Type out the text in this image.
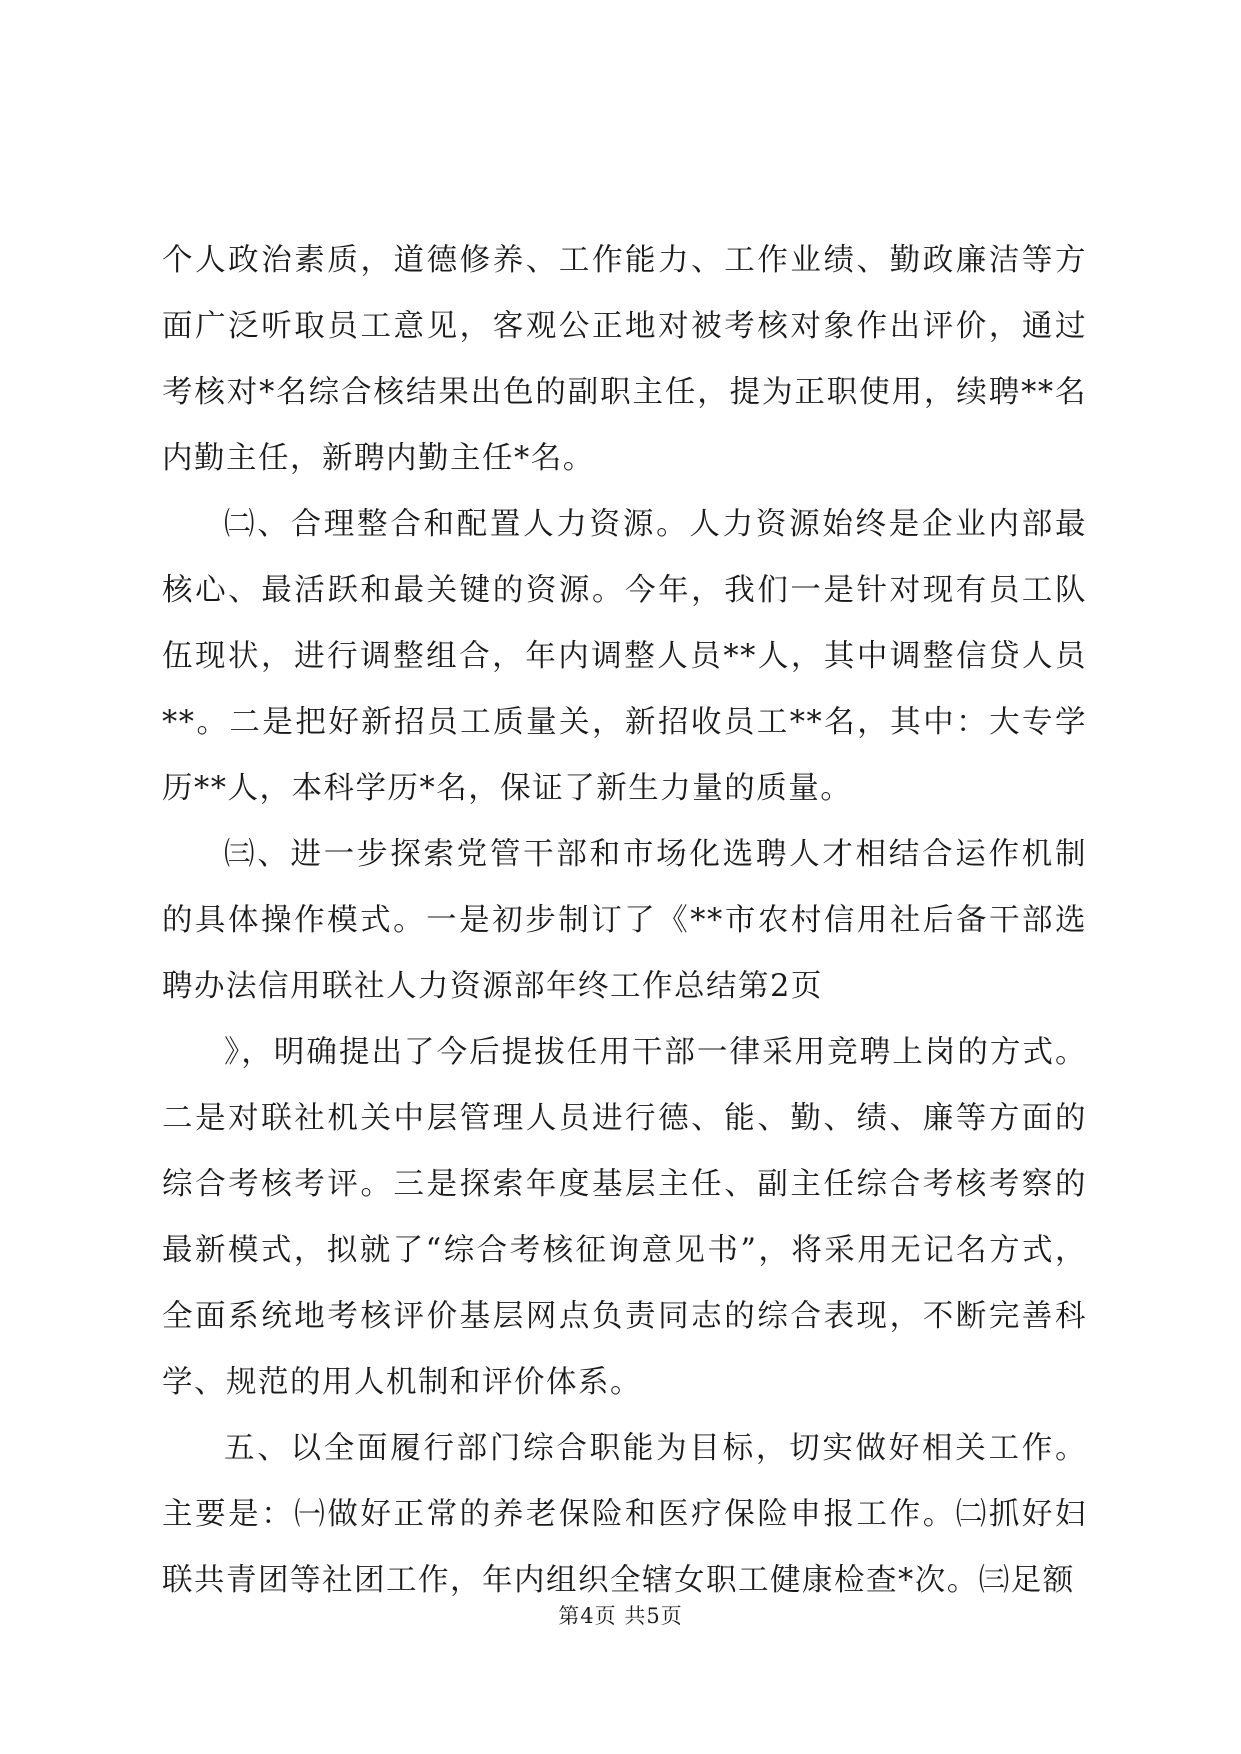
个人政治素质，道德修养、工作能力、工作业绩、勤政廉洁等方面广泛听取员工意见，客观公正地对被考核对象作出评价，通过考核对*名综合核结果出色的副职主任，提为正职使用，续聘**名内勤主任，新聘内勤主任*名。

㈡、合理整合和配置人力资源。人力资源始终是企业内部最核心、最活跃和最关键的资源。今年，我们一是针对现有员工队伍现状，进行调整组合，年内调整人员**人，其中调整信贷人员**。二是把好新招员工质量关，新招收员工**名，其中：大专学历**人，本科学历*名，保证了新生力量的质量。

㈢、进一步探索党管干部和市场化选聘人才相结合运作机制的具体操作模式。一是初步制订了《**市农村信用社后备干部选聘办法信用联社人力资源部年终工作总结第2页

》，明确提出了今后提拔任用干部一律采用竞聘上岗的方式。二是对联社机关中层管理人员进行德、能、勤、绩、廉等方面的综合考核考评。三是探索年度基层主任、副主任综合考核考察的最新模式，拟就了“综合考核征询意见书”，将采用无记名方式，全面系统地考核评价基层网点负责同志的综合表现，不断完善科学、规范的用人机制和评价体系。

五、以全面履行部门综合职能为目标，切实做好相关工作。主要是：㈠做好正常的养老保险和医疗保险申报工作。㈡抓好妇联共青团等社团工作，年内组织全辖女职工健康检查*次。㈢足额

第4页 共5页
